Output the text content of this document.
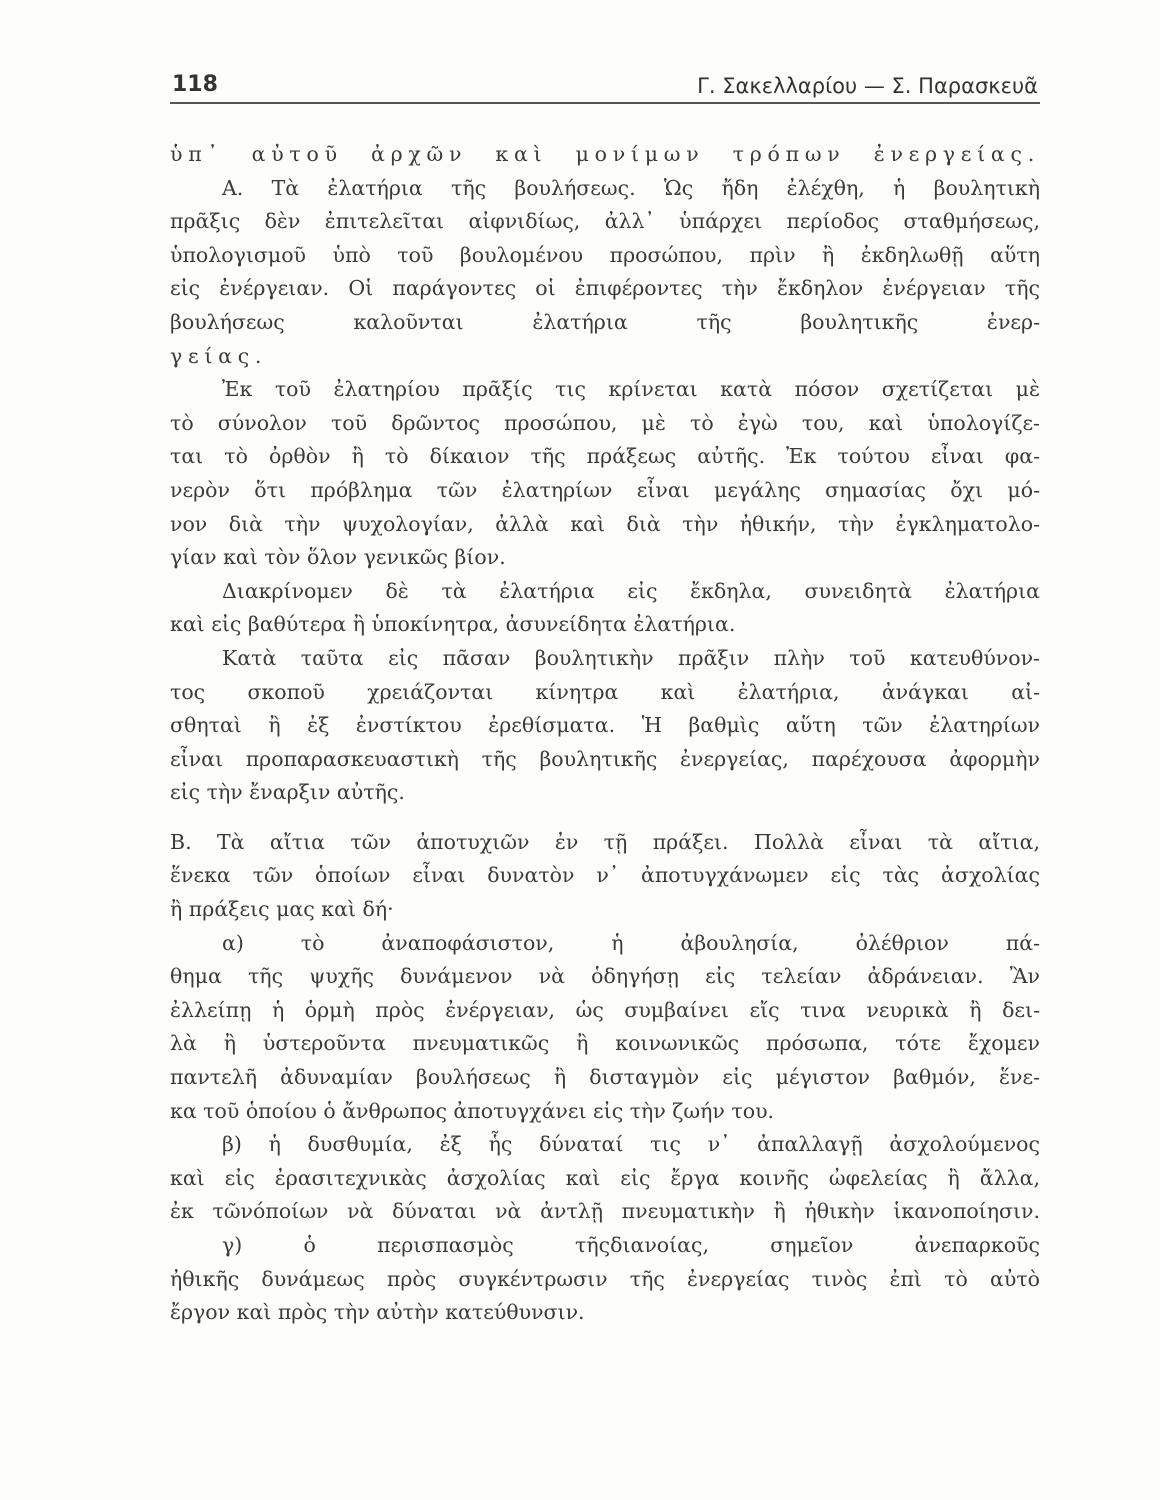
118	Γ. Σακελλαρίου — Σ. Παρασκευᾶ
ὑπ᾽ αὐτοῦ ἀρχῶν καὶ μονίμων τρόπων ἐνεργείας.
Α. Τὰ ἐλατήρια τῆς βουλήσεως. Ὡς ἤδη ἐλέχθη, ἡ βουλητικὴ
πρᾶξις δὲν ἐπιτελεῖται αἰφνιδίως, ἀλλ᾽ ὑπάρχει περίοδος σταθμήσεως,
ὑπολογισμοῦ ὑπὸ τοῦ βουλομένου προσώπου, πρὶν ἢ ἐκδηλωθῇ αὕτη
εἰς ἐνέργειαν. Οἱ παράγοντες οἱ ἐπιφέροντες τὴν ἔκδηλον ἐνέργειαν τῆς
βουλήσεως καλοῦνται ἐλατήρια τῆς βουλητικῆς ἐνερ-
γείας.
Ἐκ τοῦ ἐλατηρίου πρᾶξίς τις κρίνεται κατὰ πόσον σχετίζεται μὲ
τὸ σύνολον τοῦ δρῶντος προσώπου, μὲ τὸ ἐγὼ του, καὶ ὑπολογίζε-
ται τὸ ὀρθὸν ἢ τὸ δίκαιον τῆς πράξεως αὐτῆς. Ἐκ τούτου εἶναι φα-
νερὸν ὅτι πρόβλημα τῶν ἐλατηρίων εἶναι μεγάλης σημασίας ὄχι μό-
νον διὰ τὴν ψυχολογίαν, ἀλλὰ καὶ διὰ τὴν ἠθικήν, τὴν ἐγκληματολο-
γίαν καὶ τὸν ὅλον γενικῶς βίον.
Διακρίνομεν δὲ τὰ ἐλατήρια εἰς ἔκδηλα, συνειδητὰ ἐλατήρια
καὶ εἰς βαθύτερα ἢ ὑποκίνητρα, ἀσυνείδητα ἐλατήρια.
Κατὰ ταῦτα εἰς πᾶσαν βουλητικὴν πρᾶξιν πλὴν τοῦ κατευθύνον-
τος σκοποῦ χρειάζονται κίνητρα καὶ ἐλατήρια, ἀνάγκαι αἰ-
σθηταὶ ἢ ἐξ ἐνστίκτου ἐρεθίσματα. Ἡ βαθμὶς αὕτη τῶν ἐλατηρίων
εἶναι προπαρασκευαστικὴ τῆς βουλητικῆς ἐνεργείας, παρέχουσα ἀφορμὴν
εἰς τὴν ἔναρξιν αὐτῆς.
Β. Τὰ αἴτια τῶν ἀποτυχιῶν ἐν τῇ πράξει. Πολλὰ εἶναι τὰ αἴτια,
ἕνεκα τῶν ὁποίων εἶναι δυνατὸν ν᾽ ἀποτυγχάνωμεν εἰς τὰς ἀσχολίας
ἢ πράξεις μας καὶ δή·
α) τὸ ἀναποφάσιστον, ἡ ἀβουλησία, ὀλέθριον πά-
θημα τῆς ψυχῆς δυνάμενον νὰ ὁδηγήσῃ εἰς τελείαν ἀδράνειαν. Ἂν
ἐλλείπῃ ἡ ὁρμὴ πρὸς ἐνέργειαν, ὡς συμβαίνει εἴς τινα νευρικὰ ἢ δει-
λὰ ἢ ὑστεροῦντα πνευματικῶς ἢ κοινωνικῶς πρόσωπα, τότε ἔχομεν
παντελῆ ἀδυναμίαν βουλήσεως ἢ δισταγμὸν εἰς μέγιστον βαθμόν, ἕνε-
κα τοῦ ὁποίου ὁ ἄνθρωπος ἀποτυγχάνει εἰς τὴν ζωήν του.
β) ἡ δυσθυμία, ἐξ ἧς δύναταί τις ν᾽ ἀπαλλαγῇ ἀσχολούμενος
καὶ εἰς ἐρασιτεχνικὰς ἀσχολίας καὶ εἰς ἔργα κοινῆς ὠφελείας ἢ ἄλλα,
ἐκ τῶνόποίων νὰ δύναται νὰ ἀντλῇ πνευματικὴν ἢ ἠθικὴν ἱκανοποίησιν.
γ) ὁ περισπασμὸς τῆςδιανοίας, σημεῖον ἀνεπαρκοῦς
ἠθικῆς δυνάμεως πρὸς συγκέντρωσιν τῆς ἐνεργείας τινὸς ἐπὶ τὸ αὐτὸ
ἔργον καὶ πρὸς τὴν αὐτὴν κατεύθυνσιν.
